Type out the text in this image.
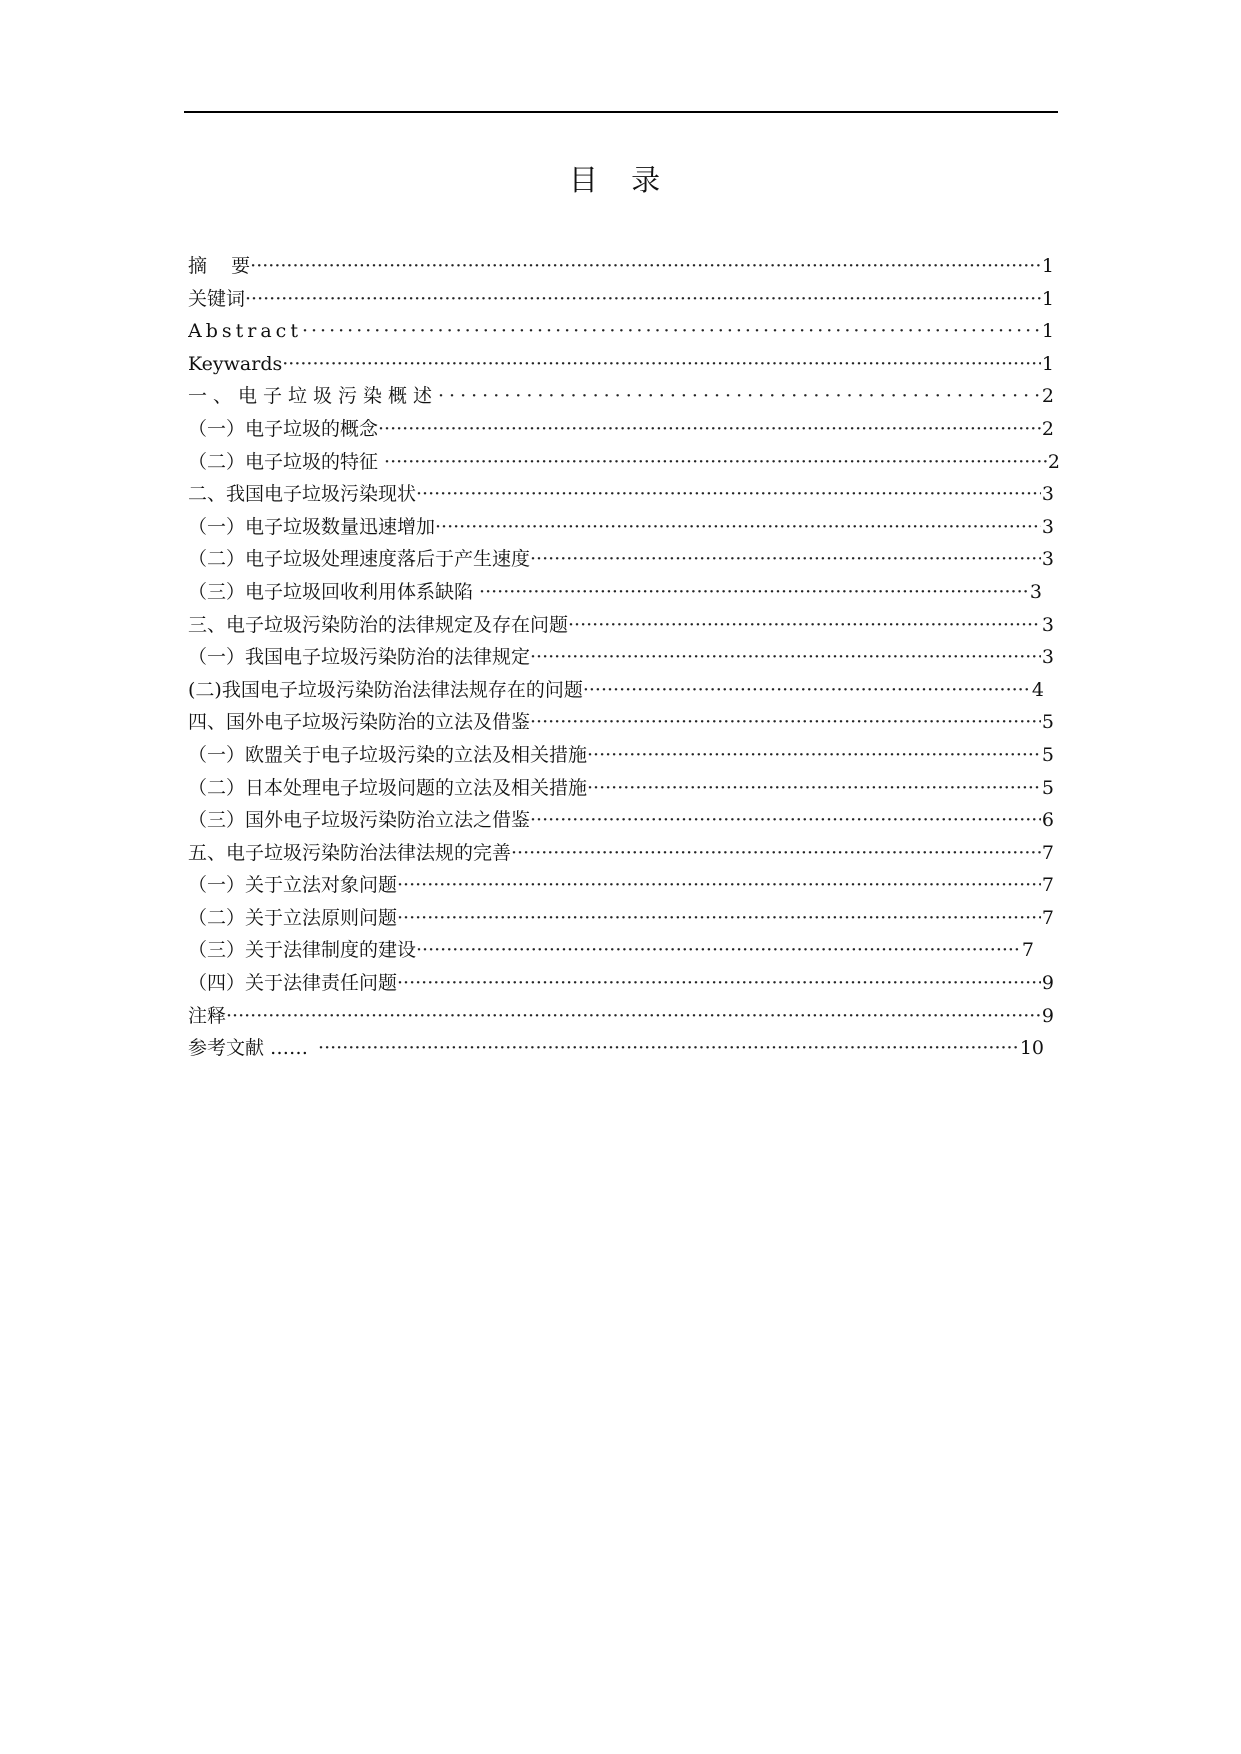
目 录
摘    要 ·····	1
关键词 ·····	1
Abstract ·····	1
Keywards ·····	1
一、电子垃圾污染概述 ·····	2
（一）电子垃圾的概念 ·····	2
（二）电子垃圾的特征 ·····	2
二、我国电子垃圾污染现状 ·····	3
（一）电子垃圾数量迅速增加 ·····	3
（二）电子垃圾处理速度落后于产生速度 ·····	3
（三）电子垃圾回收利用体系缺陷 ·····	3
三、电子垃圾污染防治的法律规定及存在问题 ·····	3
（一）我国电子垃圾污染防治的法律规定 ·····	3
(二)我国电子垃圾污染防治法律法规存在的问题 ·····	4
四、国外电子垃圾污染防治的立法及借鉴 ·····	5
（一）欧盟关于电子垃圾污染的立法及相关措施 ·····	5
（二）日本处理电子垃圾问题的立法及相关措施 ·····	5
（三）国外电子垃圾污染防治立法之借鉴 ·····	6
五、电子垃圾污染防治法律法规的完善 ·····	7
（一）关于立法对象问题 ·····	7
（二）关于立法原则问题 ·····	7
（三）关于法律制度的建设 ·····	7
（四）关于法律责任问题 ·····	9
注释 ·····	9
参考文献 …… ·····	10
